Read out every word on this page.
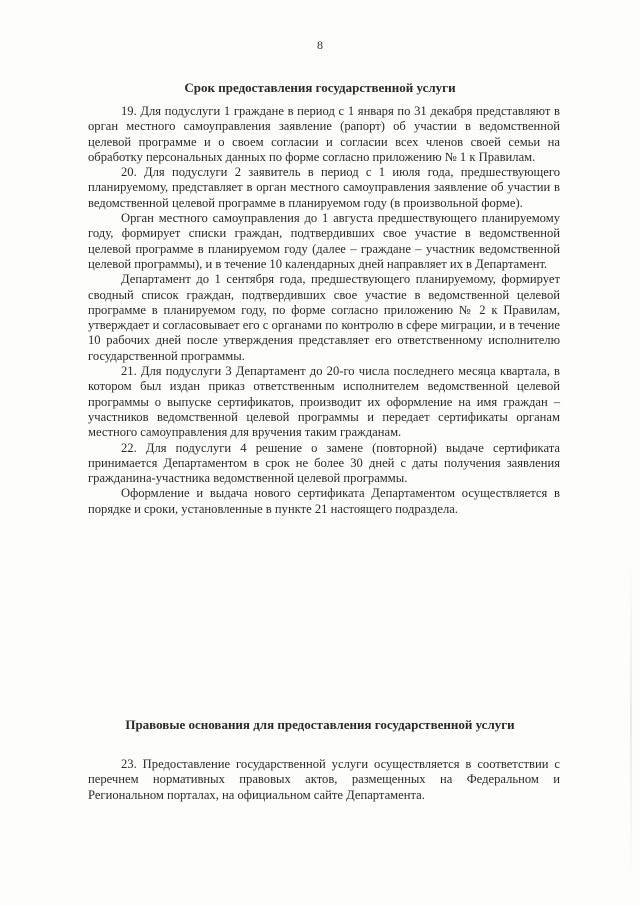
8
Срок предоставления государственной услуги

19. Для подуслуги 1 граждане в период с 1 января по 31 декабря представляют в орган местного самоуправления заявление (рапорт) об участии в ведомственной целевой программе и о своем согласии и согласии всех членов своей семьи на обработку персональных данных по форме согласно приложению № 1 к Правилам.

20. Для подуслуги 2 заявитель в период с 1 июля года, предшествующего планируемому, представляет в орган местного самоуправления заявление об участии в ведомственной целевой программе в планируемом году (в произвольной форме).

Орган местного самоуправления до 1 августа предшествующего планируемому году, формирует списки граждан, подтвердивших свое участие в ведомственной целевой программе в планируемом году (далее – граждане – участник ведомственной целевой программы), и в течение 10 календарных дней направляет их в Департамент.

Департамент до 1 сентября года, предшествующего планируемому, формирует сводный список граждан, подтвердивших свое участие в ведомственной целевой программе в планируемом году, по форме согласно приложению № 2 к Правилам, утверждает и согласовывает его с органами по контролю в сфере миграции, и в течение 10 рабочих дней после утверждения представляет его ответственному исполнителю государственной программы.

21. Для подуслуги 3 Департамент до 20-го числа последнего месяца квартала, в котором был издан приказ ответственным исполнителем ведомственной целевой программы о выпуске сертификатов, производит их оформление на имя граждан – участников ведомственной целевой программы и передает сертификаты органам местного самоуправления для вручения таким гражданам.

22. Для подуслуги 4 решение о замене (повторной) выдаче сертификата принимается Департаментом в срок не более 30 дней с даты получения заявления гражданина-участника ведомственной целевой программы.

Оформление и выдача нового сертификата Департаментом осуществляется в порядке и сроки, установленные в пункте 21 настоящего подраздела.

Правовые основания для предоставления государственной услуги

23. Предоставление государственной услуги осуществляется в соответствии с перечнем нормативных правовых актов, размещенных на Федеральном и Региональном порталах, на официальном сайте Департамента.
